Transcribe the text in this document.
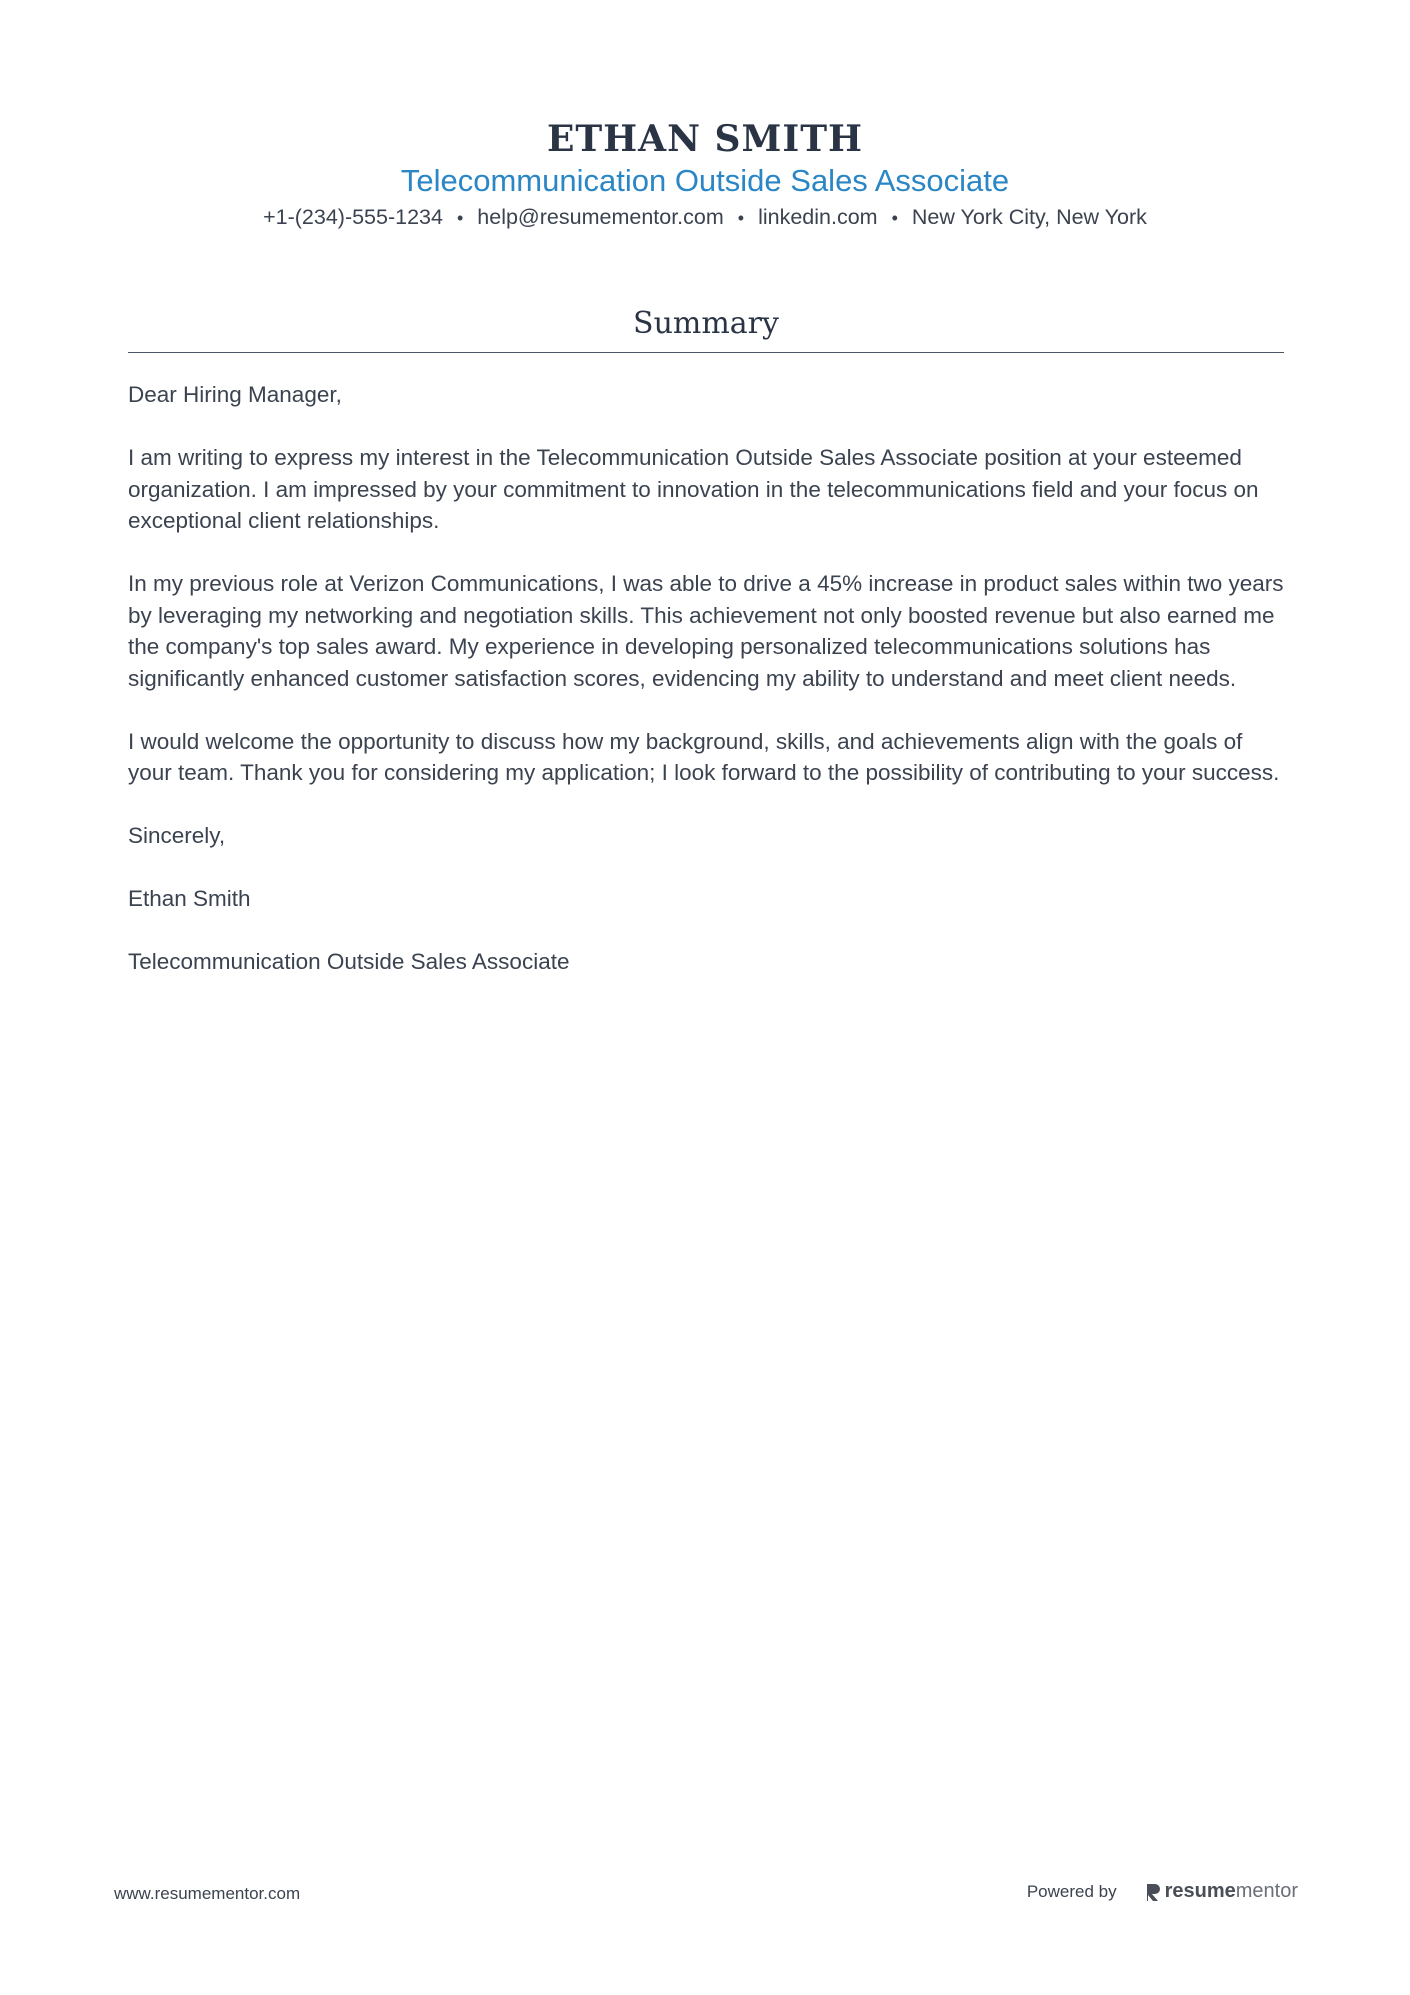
ETHAN SMITH
Telecommunication Outside Sales Associate
+1-(234)-555-1234 • help@resumementor.com • linkedin.com • New York City, New York
Summary

Dear Hiring Manager,

I am writing to express my interest in the Telecommunication Outside Sales Associate position at your esteemed organization. I am impressed by your commitment to innovation in the telecommunications field and your focus on exceptional client relationships.

In my previous role at Verizon Communications, I was able to drive a 45% increase in product sales within two years by leveraging my networking and negotiation skills. This achievement not only boosted revenue but also earned me the company's top sales award. My experience in developing personalized telecommunications solutions has significantly enhanced customer satisfaction scores, evidencing my ability to understand and meet client needs.

I would welcome the opportunity to discuss how my background, skills, and achievements align with the goals of your team. Thank you for considering my application; I look forward to the possibility of contributing to your success.

Sincerely,

Ethan Smith

Telecommunication Outside Sales Associate

www.resumementor.com	Powered by resume mentor
